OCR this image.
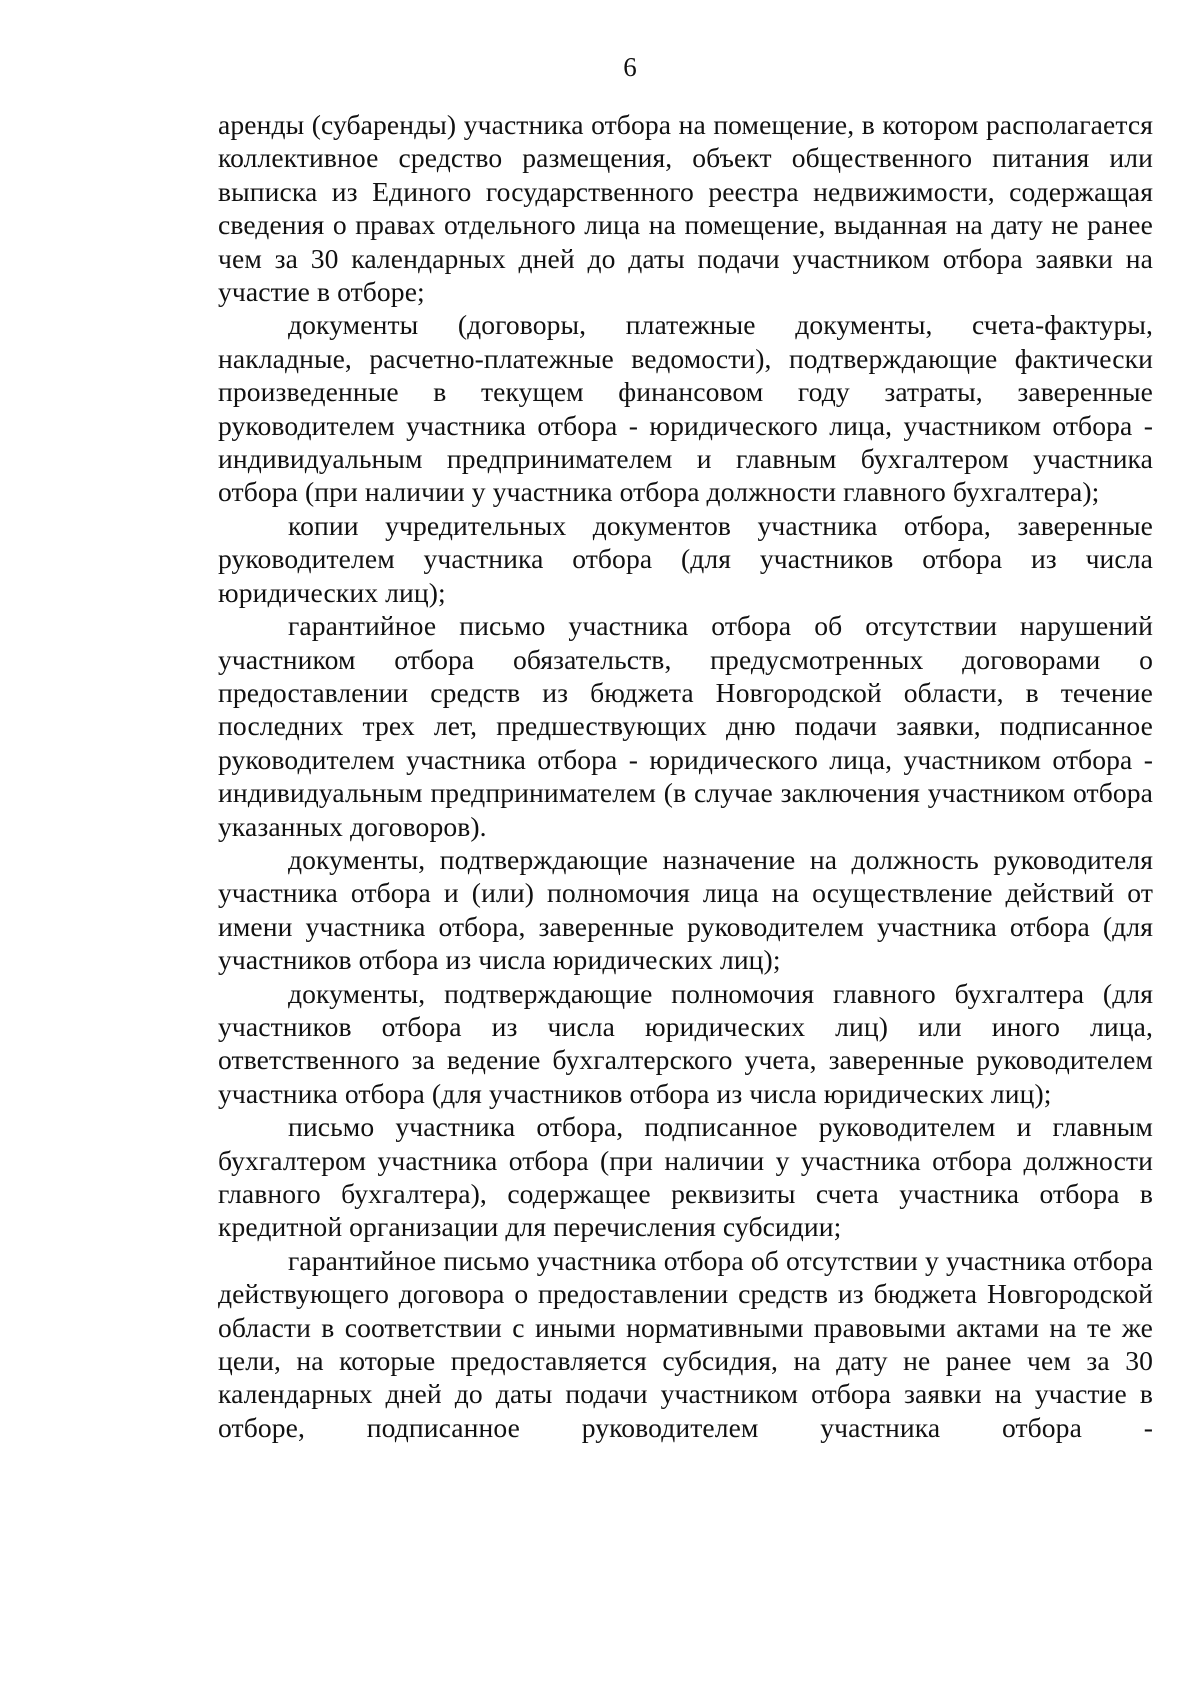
6

аренды (субаренды) участника отбора на помещение, в котором располагается коллективное средство размещения, объект общественного питания или выписка из Единого государственного реестра недвижимости, содержащая сведения о правах отдельного лица на помещение, выданная на дату не ранее чем за 30 календарных дней до даты подачи участником отбора заявки на участие в отборе;

документы (договоры, платежные документы, счета-фактуры, накладные, расчетно-платежные ведомости), подтверждающие фактически произведенные в текущем финансовом году затраты, заверенные руководителем участника отбора - юридического лица, участником отбора - индивидуальным предпринимателем и главным бухгалтером участника отбора (при наличии у участника отбора должности главного бухгалтера);

копии учредительных документов участника отбора, заверенные руководителем участника отбора (для участников отбора из числа юридических лиц);

гарантийное письмо участника отбора об отсутствии нарушений участником отбора обязательств, предусмотренных договорами о предоставлении средств из бюджета Новгородской области, в течение последних трех лет, предшествующих дню подачи заявки, подписанное руководителем участника отбора - юридического лица, участником отбора - индивидуальным предпринимателем (в случае заключения участником отбора указанных договоров).

документы, подтверждающие назначение на должность руководителя участника отбора и (или) полномочия лица на осуществление действий от имени участника отбора, заверенные руководителем участника отбора (для участников отбора из числа юридических лиц);

документы, подтверждающие полномочия главного бухгалтера (для участников отбора из числа юридических лиц) или иного лица, ответственного за ведение бухгалтерского учета, заверенные руководителем участника отбора (для участников отбора из числа юридических лиц);

письмо участника отбора, подписанное руководителем и главным бухгалтером участника отбора (при наличии у участника отбора должности главного бухгалтера), содержащее реквизиты счета участника отбора в кредитной организации для перечисления субсидии;

гарантийное письмо участника отбора об отсутствии у участника отбора действующего договора о предоставлении средств из бюджета Новгородской области в соответствии с иными нормативными правовыми актами на те же цели, на которые предоставляется субсидия, на дату не ранее чем за 30 календарных дней до даты подачи участником отбора заявки на участие в отборе, подписанное руководителем участника отбора -
